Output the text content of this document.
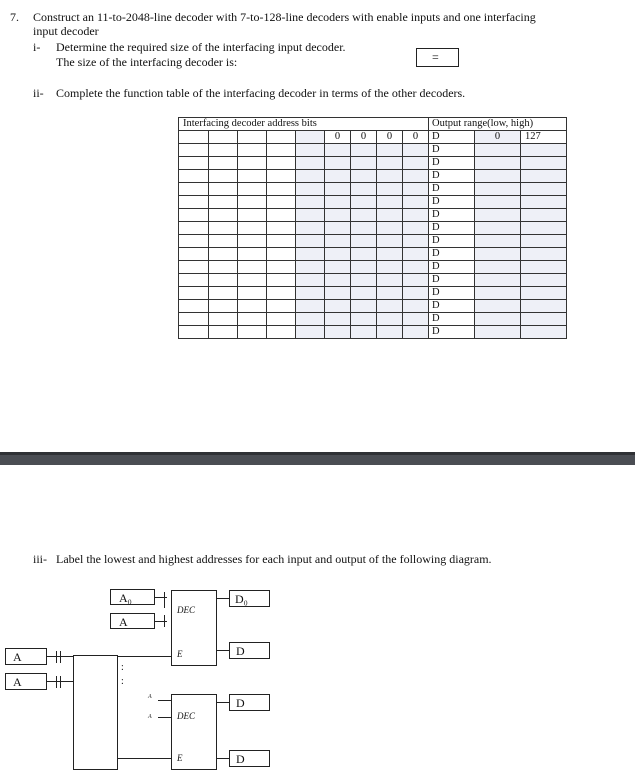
7. Construct an 11-to-2048-line decoder with 7-to-128-line decoders with enable inputs and one interfacing
input decoder
i- Determine the required size of the interfacing input decoder.
The size of the interfacing decoder is:	=
ii- Complete the function table of the interfacing decoder in terms of the other decoders.
Interfacing decoder address bits									Output range(low, high)		
					0	0	0	0	D	0	127
									D		
									D		
									D		
									D		
									D		
									D		
									D		
									D		
									D		
									D		
									D		
									D		
									D		
									D		
									D		
iii- Label the lowest and highest addresses for each input and output of the following diagram.
A₀
A
DEC
E
D₀
D
A
A
:
:
A
A	DEC
E
D
D
